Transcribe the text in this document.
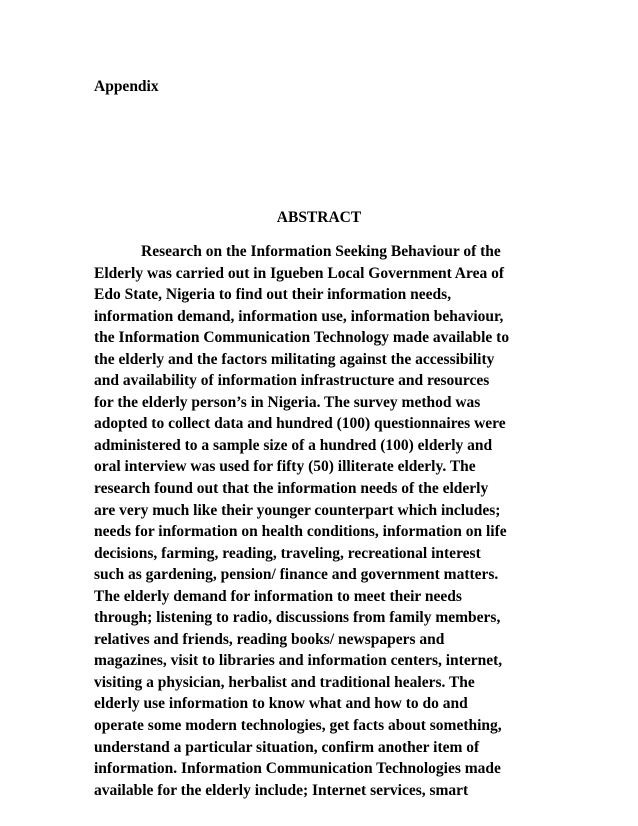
Appendix

ABSTRACT

Research on the Information Seeking Behaviour of the
Elderly was carried out in Igueben Local Government Area of
Edo State, Nigeria to find out their information needs,
information demand, information use, information behaviour,
the Information Communication Technology made available to
the elderly and the factors militating against the accessibility
and availability of information infrastructure and resources
for the elderly person’s in Nigeria. The survey method was
adopted to collect data and hundred (100) questionnaires were
administered to a sample size of a hundred (100) elderly and
oral interview was used for fifty (50) illiterate elderly. The
research found out that the information needs of the elderly
are very much like their younger counterpart which includes;
needs for information on health conditions, information on life
decisions, farming, reading, traveling, recreational interest
such as gardening, pension/ finance and government matters.
The elderly demand for information to meet their needs
through; listening to radio, discussions from family members,
relatives and friends, reading books/ newspapers and
magazines, visit to libraries and information centers, internet,
visiting a physician, herbalist and traditional healers. The
elderly use information to know what and how to do and
operate some modern technologies, get facts about something,
understand a particular situation, confirm another item of
information. Information Communication Technologies made
available for the elderly include; Internet services, smart
